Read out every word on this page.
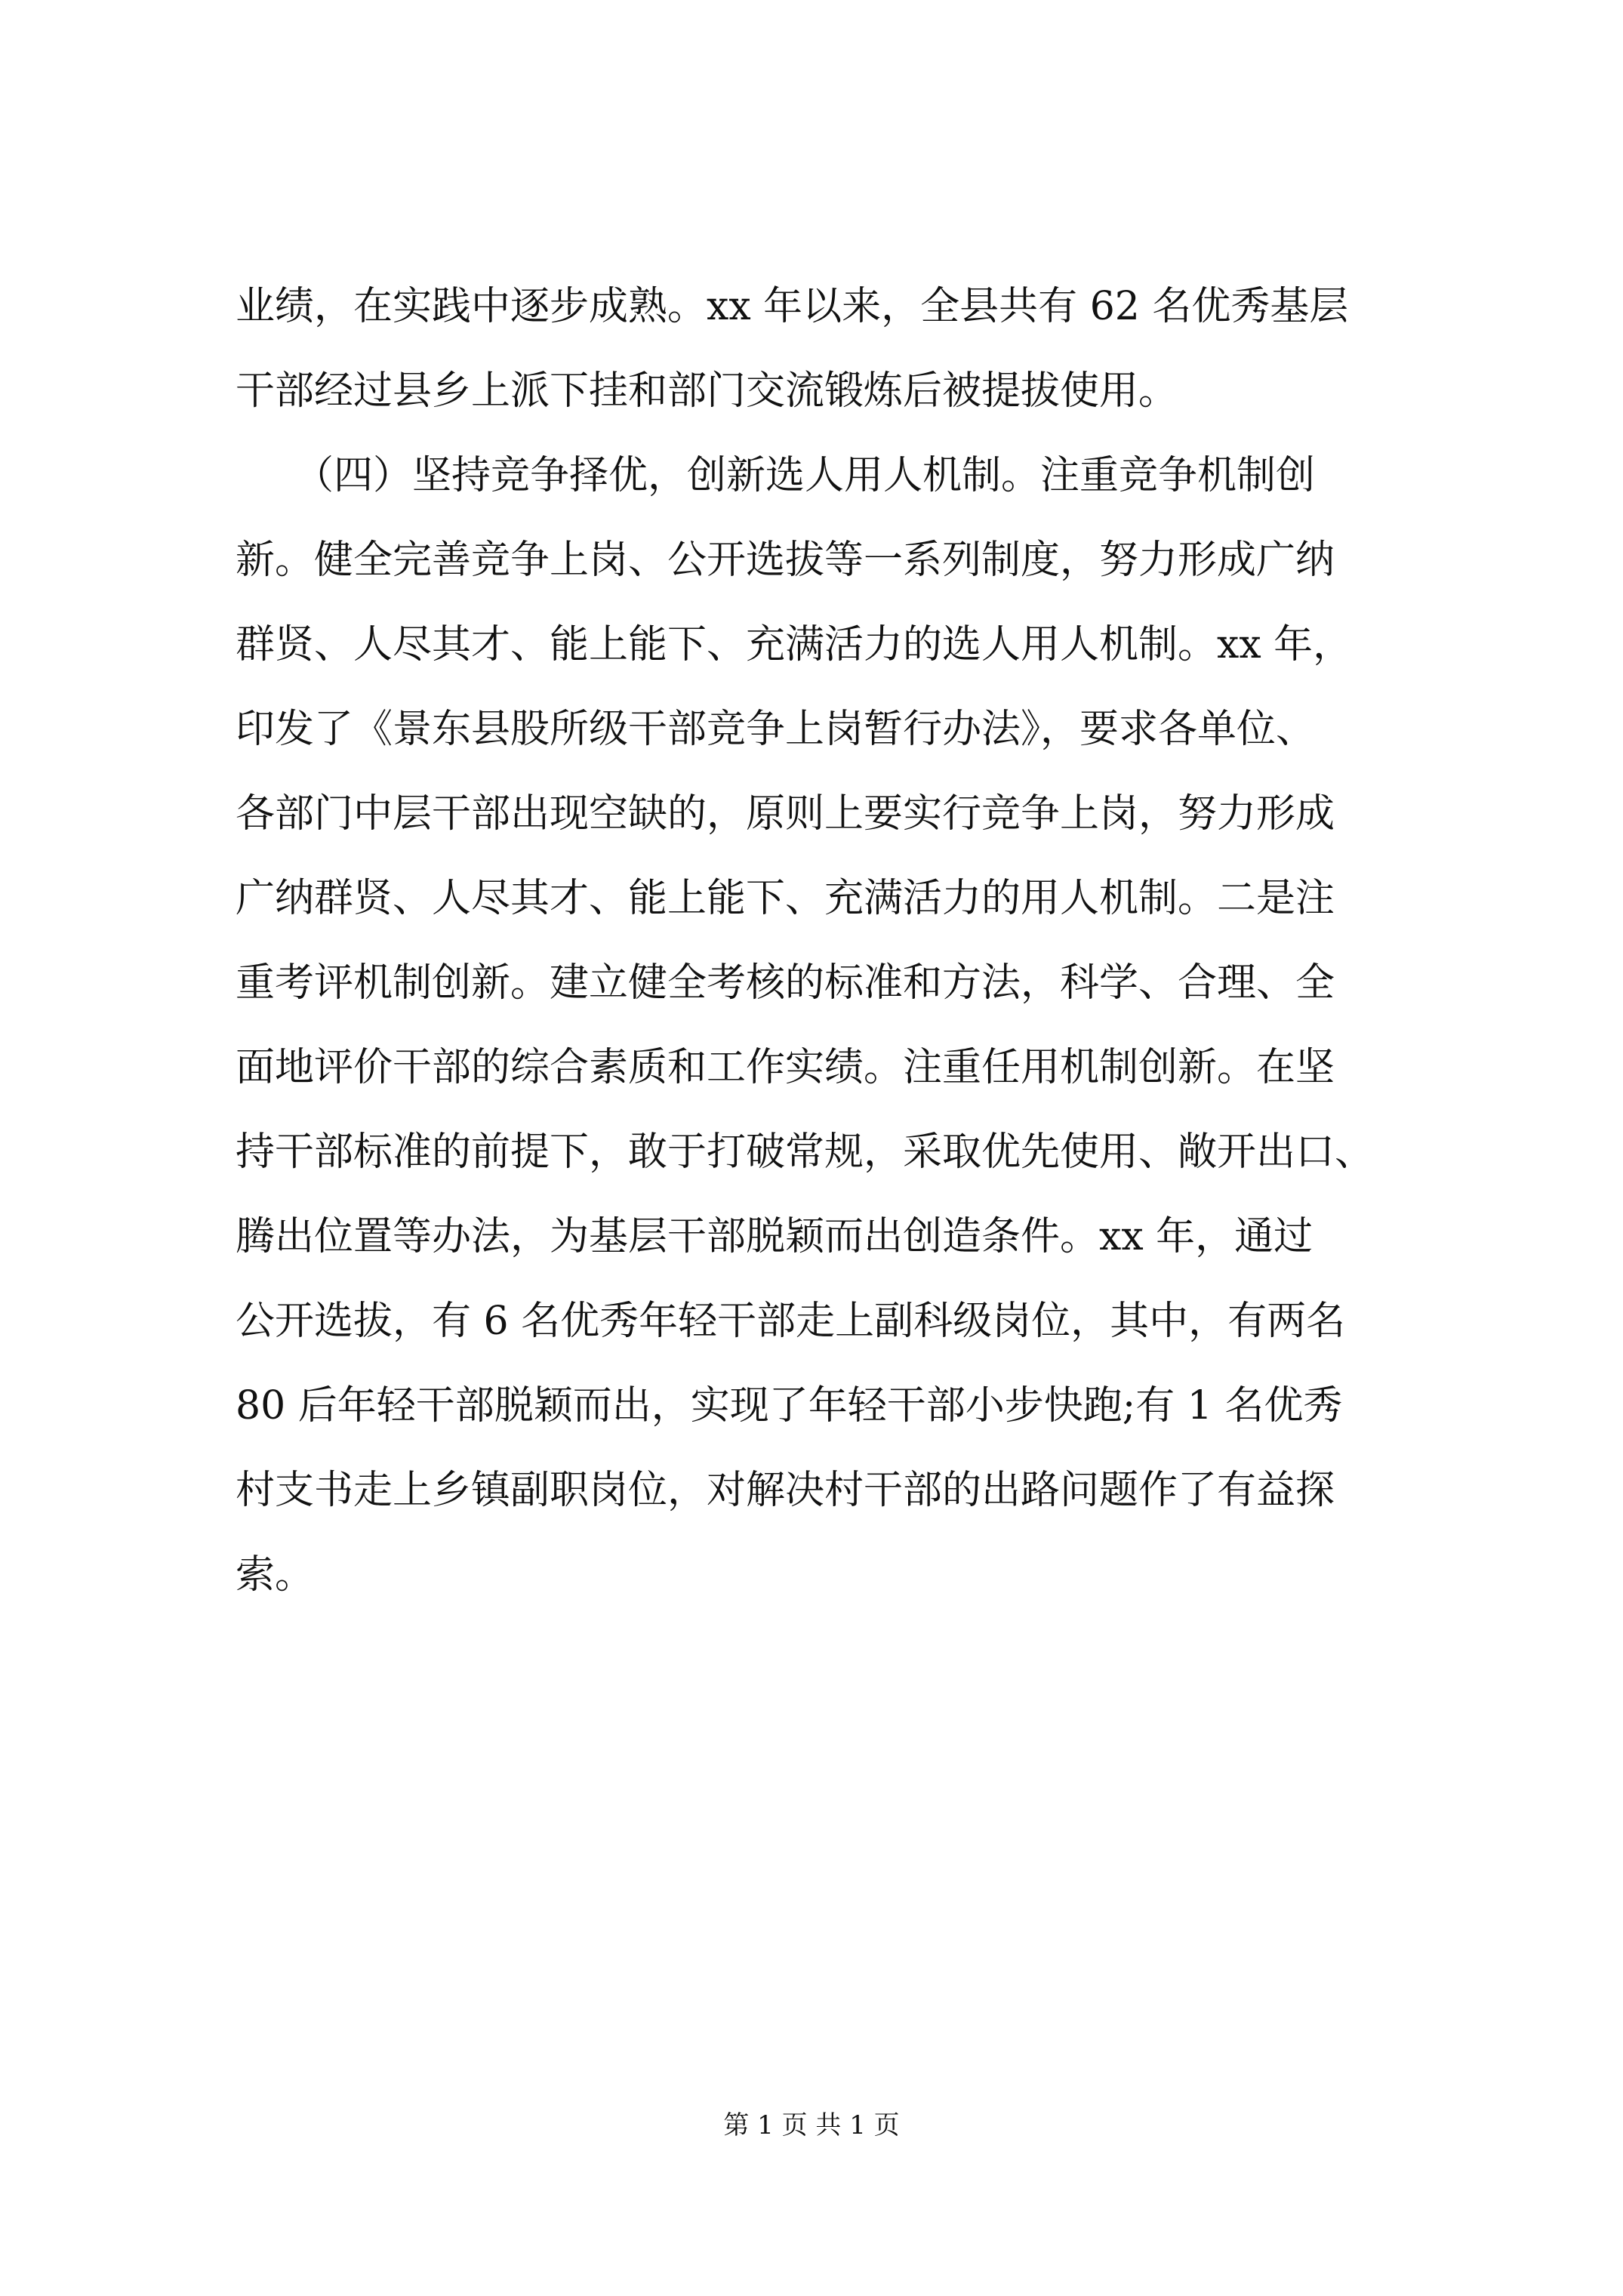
业绩，在实践中逐步成熟。xx 年以来，全县共有 62 名优秀基层
干部经过县乡上派下挂和部门交流锻炼后被提拔使用。
　　（四）坚持竞争择优，创新选人用人机制。注重竞争机制创
新。健全完善竞争上岗、公开选拔等一系列制度，努力形成广纳
群贤、人尽其才、能上能下、充满活力的选人用人机制。xx 年，
印发了《景东县股所级干部竞争上岗暂行办法》，要求各单位、
各部门中层干部出现空缺的，原则上要实行竞争上岗，努力形成
广纳群贤、人尽其才、能上能下、充满活力的用人机制。二是注
重考评机制创新。建立健全考核的标准和方法，科学、合理、全
面地评价干部的综合素质和工作实绩。注重任用机制创新。在坚
持干部标准的前提下，敢于打破常规，采取优先使用、敞开出口、
腾出位置等办法，为基层干部脱颖而出创造条件。xx 年，通过
公开选拔，有 6 名优秀年轻干部走上副科级岗位，其中，有两名
80 后年轻干部脱颖而出，实现了年轻干部小步快跑;有 1 名优秀
村支书走上乡镇副职岗位，对解决村干部的出路问题作了有益探
索。
第 1 页 共 1 页
